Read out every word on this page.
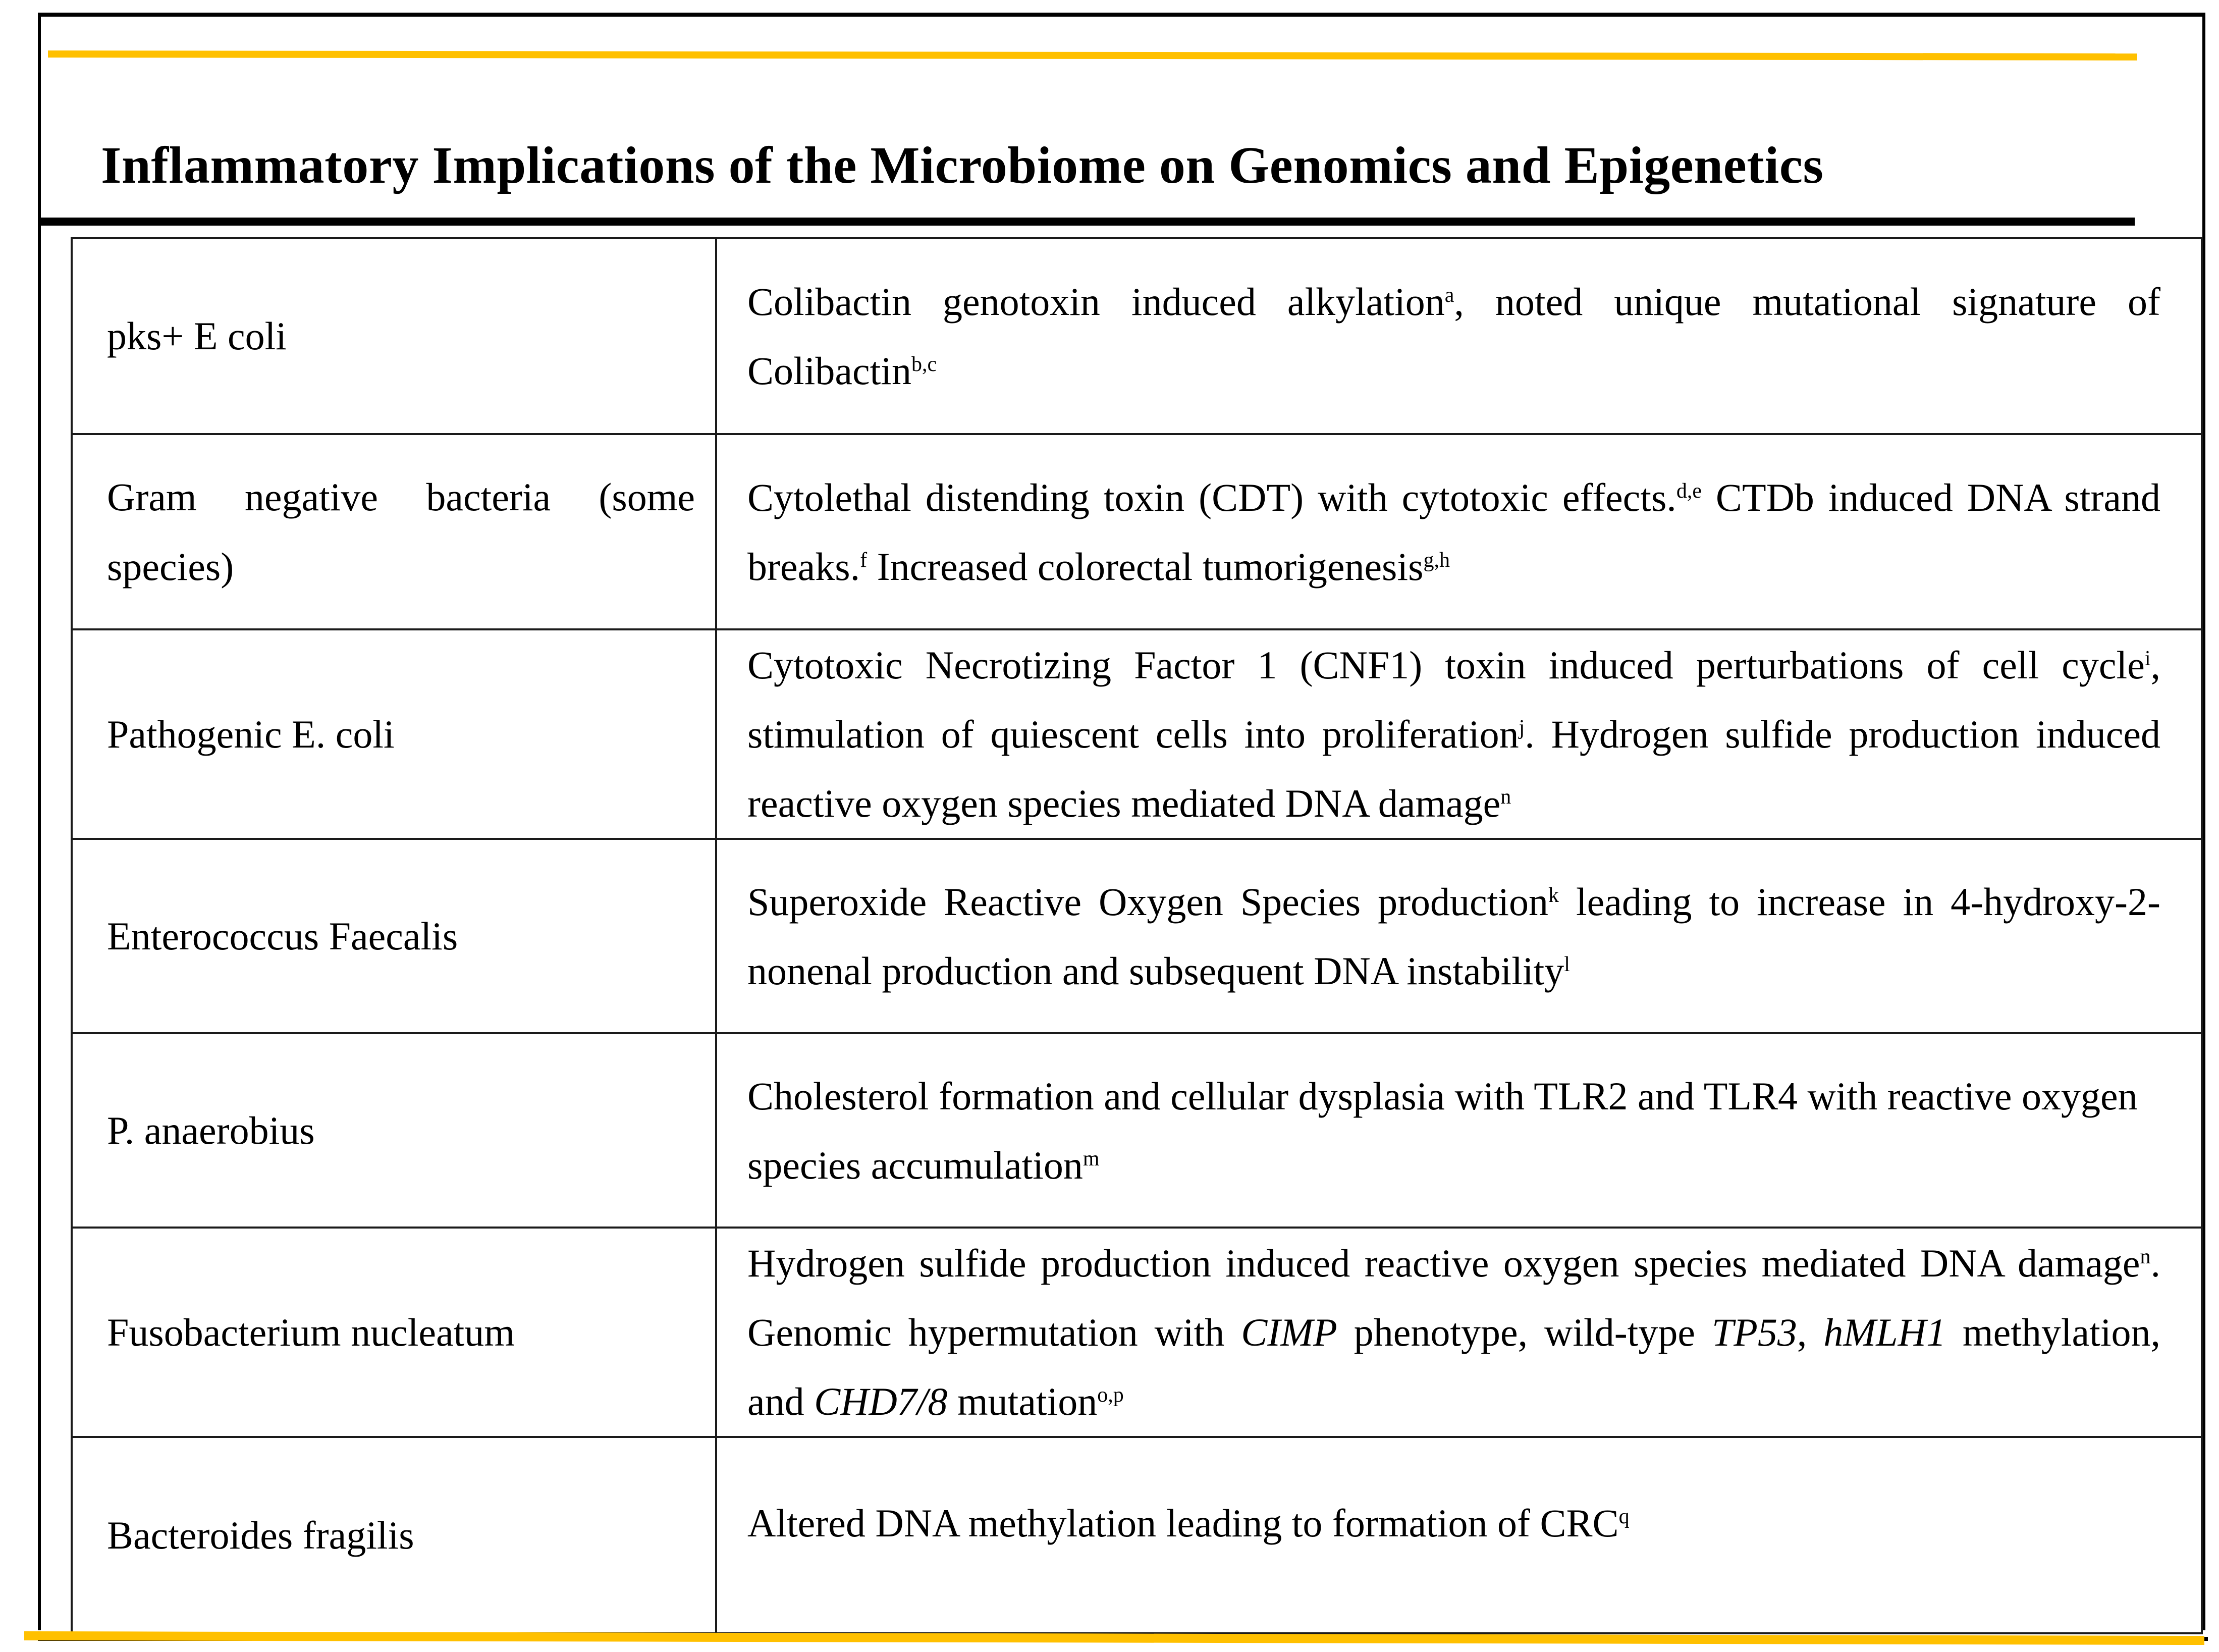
Inflammatory Implications of the Microbiome on Genomics and Epigenetics
pks+ E coli	Colibactin genotoxin induced alkylation$^a$, noted unique mutational signature of Colibactin$^{b,c}$
Gram negative bacteria (some species)	Cytolethal distending toxin (CDT) with cytotoxic effects.$^{d,e}$ CTDb induced DNA strand breaks.$^f$ Increased colorectal tumorigenesis$^{g,h}$
Pathogenic E. coli	Cytotoxic Necrotizing Factor 1 (CNF1) toxin induced perturbations of cell cycle$^i$, stimulation of quiescent cells into proliferation$^j$. Hydrogen sulfide production induced reactive oxygen species mediated DNA damage$^n$
Enterococcus Faecalis	Superoxide Reactive Oxygen Species production$^k$ leading to increase in 4-hydroxy-2-nonenal production and subsequent DNA instability$^l$
P. anaerobius	Cholesterol formation and cellular dysplasia with TLR2 and TLR4 with reactive oxygen species accumulation$^m$
Fusobacterium nucleatum	Hydrogen sulfide production induced reactive oxygen species mediated DNA damage$^n$. Genomic hypermutation with CIMP phenotype, wild-type TP53, hMLH1 methylation, and CHD7/8 mutation$^{o,p}$
Bacteroides fragilis	Altered DNA methylation leading to formation of CRC$^q$
